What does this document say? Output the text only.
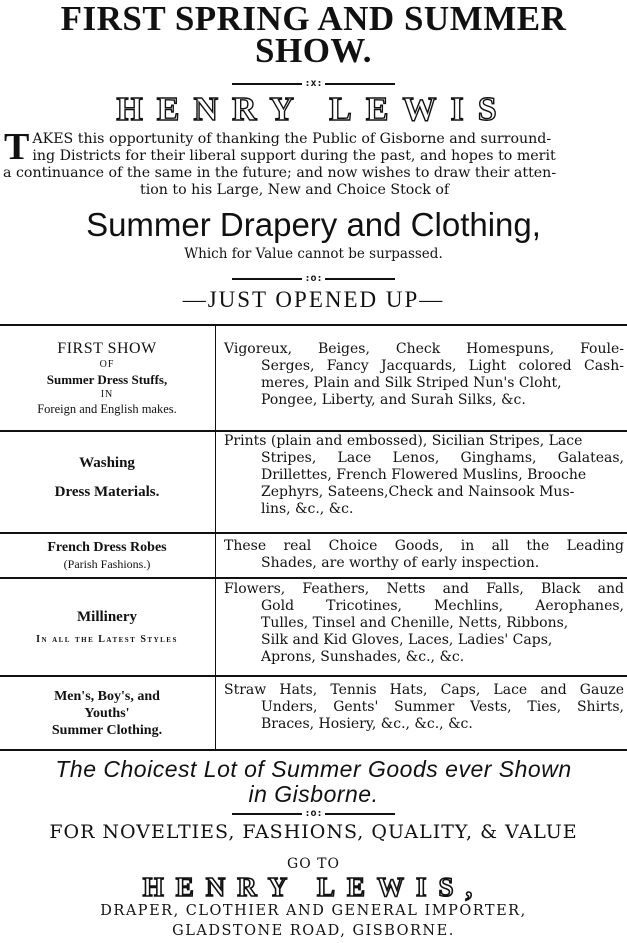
FIRST SPRING AND SUMMER
SHOW.
:x:
HENRY LEWIS
T AKES this opportunity of thanking the Public of Gisborne and surround-
ing Districts for their liberal support during the past, and hopes to merit
a continuance of the same in the future; and now wishes to draw their atten-
tion to his Large, New and Choice Stock of
Summer Drapery and Clothing,
Which for Value cannot be surpassed.
:o:
—JUST OPENED UP—
FIRST SHOW
OF
Summer Dress Stuffs,
IN
Foreign and English makes.
Vigoreux, Beiges, Check Homespuns, Foule-
Serges, Fancy Jacquards, Light colored Cash-
meres, Plain and Silk Striped Nun's Cloht,
Pongee, Liberty, and Surah Silks, &c.
Washing
Dress Materials.
Prints (plain and embossed), Sicilian Stripes, Lace
Stripes, Lace Lenos, Ginghams, Galateas,
Drillettes, French Flowered Muslins, Brooche
Zephyrs, Sateens,Check and Nainsook Mus-
lins, &c., &c.
French Dress Robes
(Parish Fashions.)
These real Choice Goods, in all the Leading
Shades, are worthy of early inspection.
Millinery
In all the Latest Styles
Flowers, Feathers, Netts and Falls, Black and
Gold Tricotines, Mechlins, Aerophanes,
Tulles, Tinsel and Chenille, Netts, Ribbons,
Silk and Kid Gloves, Laces, Ladies' Caps,
Aprons, Sunshades, &c., &c.
Men's, Boy's, and
Youths'
Summer Clothing.
Straw Hats, Tennis Hats, Caps, Lace and Gauze
Unders, Gents' Summer Vests, Ties, Shirts,
Braces, Hosiery, &c., &c., &c.
The Choicest Lot of Summer Goods ever Shown
in Gisborne.
:o:
FOR NOVELTIES, FASHIONS, QUALITY, & VALUE
GO TO
HENRY LEWIS,
DRAPER, CLOTHIER AND GENERAL IMPORTER,
GLADSTONE ROAD, GISBORNE.
